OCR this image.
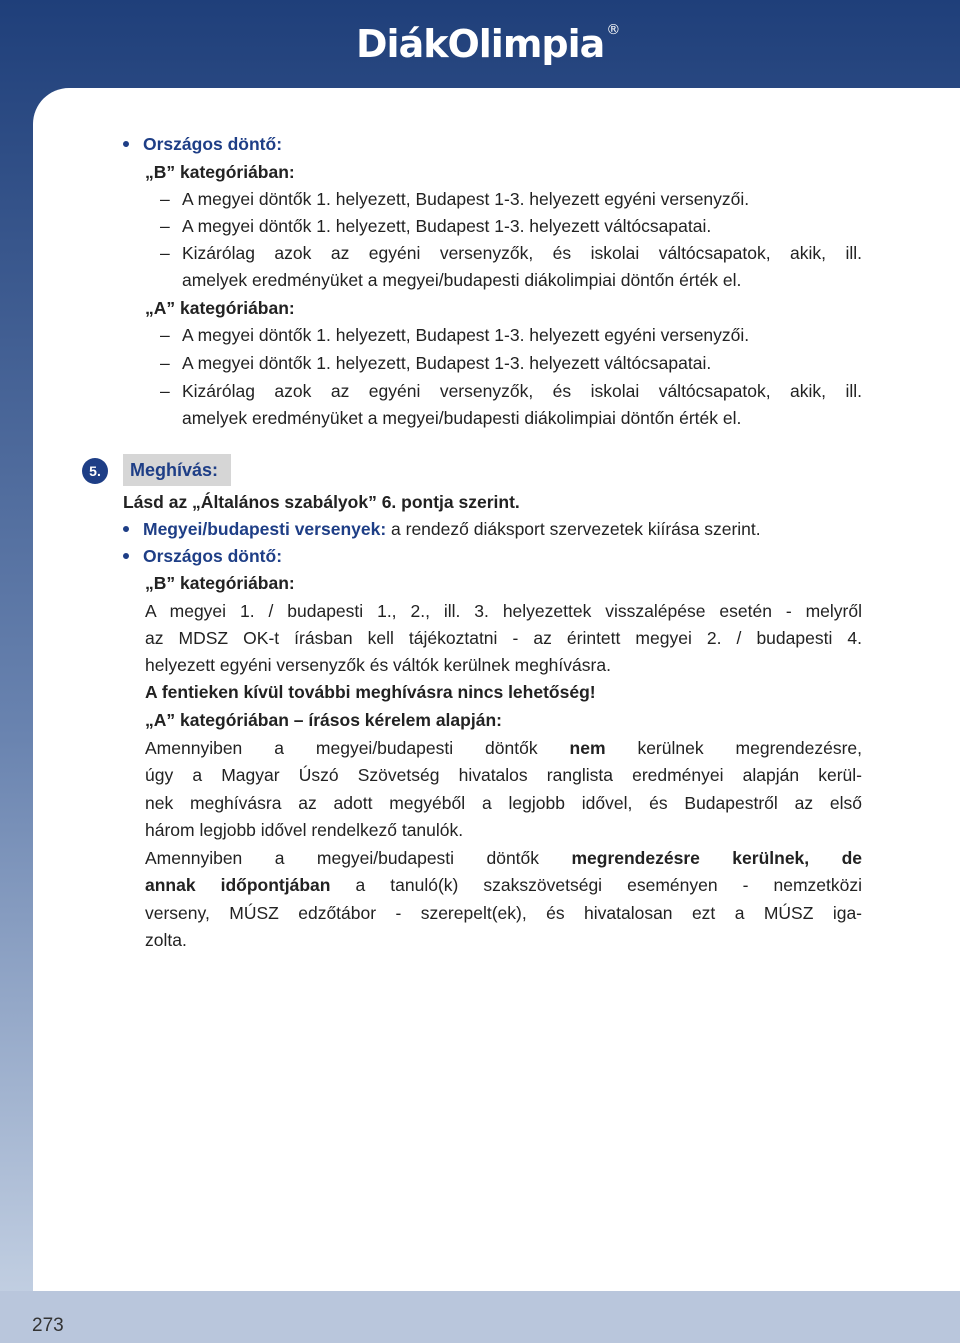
DiákOlimpia ®
273
Országos döntő:
„B” kategóriában:
– A megyei döntők 1. helyezett, Budapest 1-3. helyezett egyéni versenyzői.
– A megyei döntők 1. helyezett, Budapest 1-3. helyezett váltócsapatai.
– Kizárólag azok az egyéni versenyzők, és iskolai váltócsapatok, akik, ill.
amelyek eredményüket a megyei/budapesti diákolimpiai döntőn érték el.
„A” kategóriában:
– A megyei döntők 1. helyezett, Budapest 1-3. helyezett egyéni versenyzői.
– A megyei döntők 1. helyezett, Budapest 1-3. helyezett váltócsapatai.
– Kizárólag azok az egyéni versenyzők, és iskolai váltócsapatok, akik, ill.
amelyek eredményüket a megyei/budapesti diákolimpiai döntőn érték el.
5.	Meghívás:
Lásd az „Általános szabályok” 6. pontja szerint.
Megyei/budapesti versenyek: a rendező diáksport szervezetek kiírása szerint.
Országos döntő:
„B” kategóriában:
A megyei 1. / budapesti 1., 2., ill. 3. helyezettek visszalépése esetén - melyről
az MDSZ OK-t írásban kell tájékoztatni - az érintett megyei 2. / budapesti 4.
helyezett egyéni versenyzők és váltók kerülnek meghívásra.
A fentieken kívül további meghívásra nincs lehetőség!
„A” kategóriában – írásos kérelem alapján:
Amennyiben a megyei/budapesti döntők nem kerülnek megrendezésre,
úgy a Magyar Úszó Szövetség hivatalos ranglista eredményei alapján kerül-
nek meghívásra az adott megyéből a legjobb idővel, és Budapestről az első
három legjobb idővel rendelkező tanulók.
Amennyiben a megyei/budapesti döntők megrendezésre kerülnek, de
annak időpontjában a tanuló(k) szakszövetségi eseményen - nemzetközi
verseny, MÚSZ edzőtábor - szerepelt(ek), és hivatalosan ezt a MÚSZ iga-
zolta.
